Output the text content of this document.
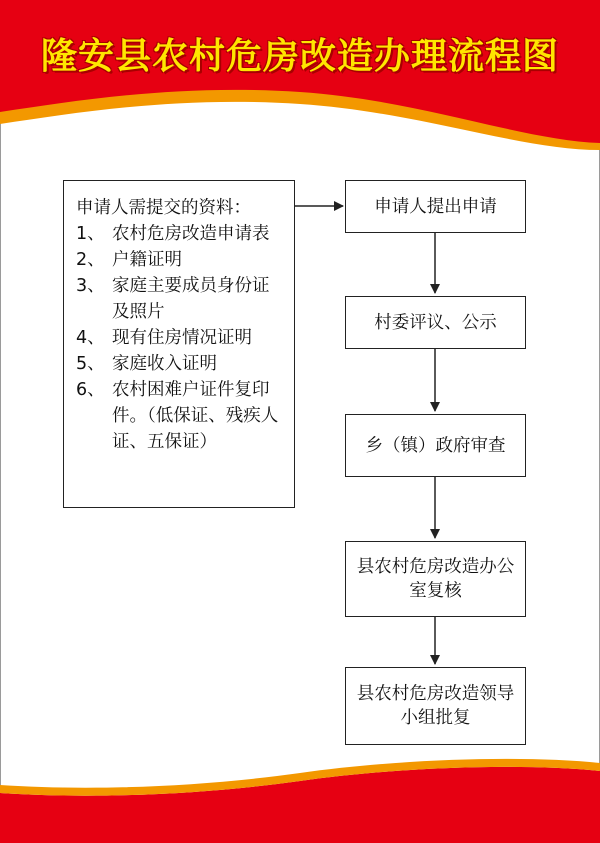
隆安县农村危房改造办理流程图
申请人需提交的资料：
1、 农村危房改造申请表
2、 户籍证明
3、 家庭主要成员身份证及照片
4、 现有住房情况证明
5、 家庭收入证明
6、 农村困难户证件复印件。（低保证、残疾人证、五保证）
申请人提出申请
村委评议、公示
乡（镇）政府审查
县农村危房改造办公室复核
县农村危房改造领导小组批复
